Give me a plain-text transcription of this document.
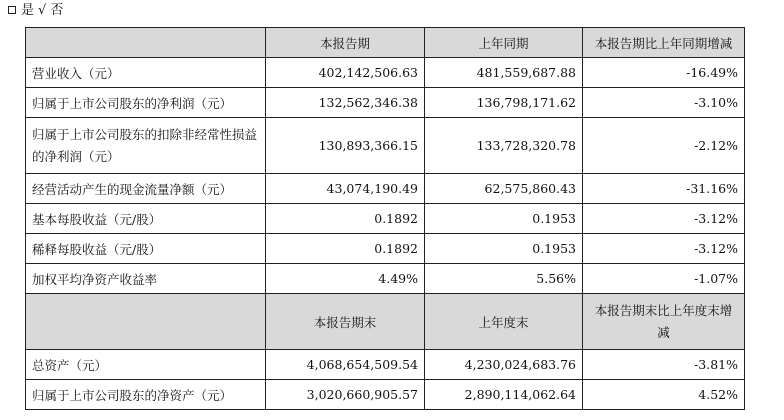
是 √ 否
	本报告期	上年同期	本报告期比上年同期增减
营业收入（元）	402,142,506.63	481,559,687.88	-16.49%
归属于上市公司股东的净利润（元）	132,562,346.38	136,798,171.62	-3.10%
归属于上市公司股东的扣除非经常性损益的净利润（元）	130,893,366.15	133,728,320.78	-2.12%
经营活动产生的现金流量净额（元）	43,074,190.49	62,575,860.43	-31.16%
基本每股收益（元/股）	0.1892	0.1953	-3.12%
稀释每股收益（元/股）	0.1892	0.1953	-3.12%
加权平均净资产收益率	4.49%	5.56%	-1.07%
	本报告期末	上年度末	本报告期末比上年度末增减
总资产（元）	4,068,654,509.54	4,230,024,683.76	-3.81%
归属于上市公司股东的净资产（元）	3,020,660,905.57	2,890,114,062.64	4.52%
